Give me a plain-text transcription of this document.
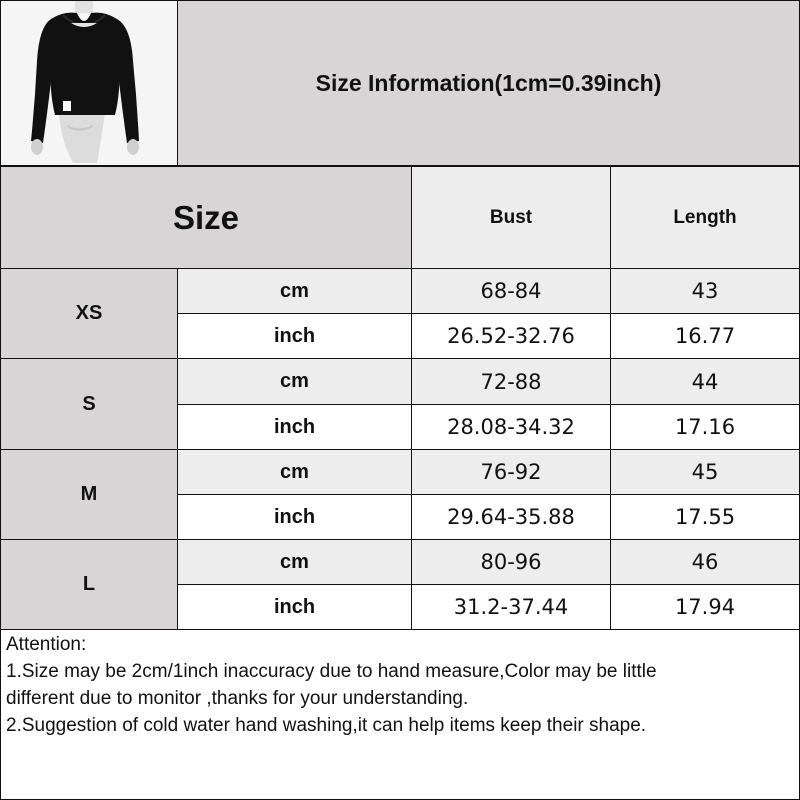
Size Information(1cm=0.39inch)
Size	Bust	Length
XS
cm	68-84	43
inch	26.52-32.76	16.77
S
cm	72-88	44
inch	28.08-34.32	17.16
M
cm	76-92	45
inch	29.64-35.88	17.55
L
cm	80-96	46
inch	31.2-37.44	17.94
Attention:
1.Size may be 2cm/1inch inaccuracy due to hand measure,Color may be little
different due to monitor ,thanks for your understanding.
2.Suggestion of cold water hand washing,it can help items keep their shape.
